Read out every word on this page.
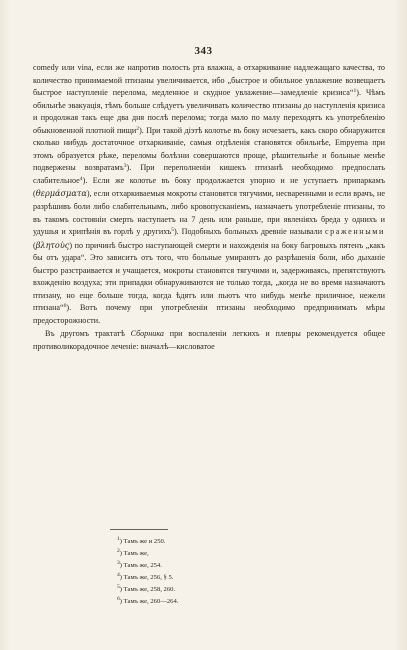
343

comedy или vina, если же напротив полость рта влажна, а отхаркивание надлежащаго качества, то количество принимаемой птизаны увеличивается, ибо „быстрое и обильное увлажение возвещаетъ быстрое наступленіе перелома, медленное и скудное увлажение—замедленіе кризиса“$^1$). Чѣмъ обильнѣе эвакуація, тѣмъ больше слѣдуетъ увеличивать количество птизаны до наступленія кризиса и продолжая такъ еще два дня послѣ перелома; тогда мало по малу переходятъ къ употребленію обыкновенной плотной пищи$^2$). При такой діэтѣ колотье въ боку исчезаетъ, какъ скоро обнаружится сколько нибудь достаточное отхаркиваніе, самыя отдѣленія становятся обильнѣе, Empyema при этомъ образуется рѣже, переломы болѣзни совершаются проще, рѣшительнѣе и больные менѣе подвержены возвратамъ$^3$). При переполненіи кишекъ птизанѣ необходимо предпослать слабительное$^4$). Если же колотье въ боку продолжается упорно и не уступаетъ припаркамъ (θερμάσματα), если отхаркиваемыя мокроты становятся тягучими, несваренными и если врачъ, не разрѣшивъ боли либо слабительнымъ, либо кровопусканіемъ, назначаетъ употребленіе птизаны, то въ такомъ состояніи смерть наступаетъ на 7 день или раньше, при явленіяхъ бреда у однихъ и удушья и хрипѣнія въ горлѣ у другихъ$^5$). Подобныхъ больныхъ древніе называли сраженными (βλητοὺς) по причинѣ быстро наступающей смерти и нахожденія на боку багровыхъ пятенъ „какъ бы отъ удара“. Это зависитъ отъ того, что больные умираютъ до разрѣшенія боли, ибо дыханіе быстро разстраивается и учащается, мокроты становятся тягучими и, задерживаясь, препятствуютъ вхожденію воздуха; эти припадки обнаруживаются не только тогда, „когда не во время назначаютъ птизану, но еще больше тогда, когда ѣдятъ или пьютъ что нибудь менѣе приличное, нежели птизана“$^6$). Вотъ почему при употребленіи птизаны необходимо предпринимать мѣры предосторожности.

Въ другомъ трактатѣ Сборника при воспаленіи легкихъ и плевры рекомендуется общее противоликорадочное леченіе: вначалѣ—кисловатое

$^1$) Тамъ же и 250.
$^2$) Тамъ же,
$^3$) Тамъ же, 254.
$^4$) Тамъ же, 256, § 5.
$^5$) Тамъ же, 258, 260.
$^6$) Тамъ же, 260—264.
